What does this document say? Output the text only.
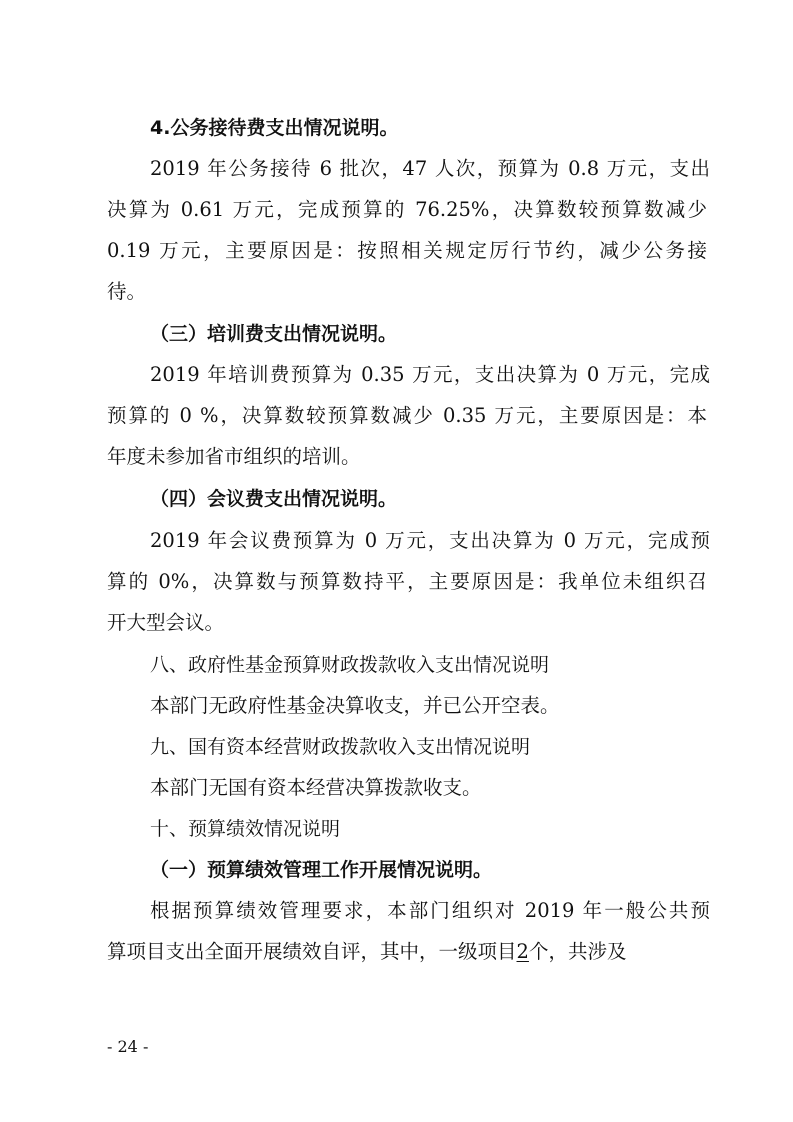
4.公务接待费支出情况说明。
2019 年公务接待 6 批次，47 人次，预算为 0.8 万元，支出
决算为 0.61 万元，完成预算的 76.25%，决算数较预算数减少
0.19 万元，主要原因是：按照相关规定厉行节约，减少公务接
待。
（三）培训费支出情况说明。
2019 年培训费预算为 0.35 万元，支出决算为 0 万元，完成
预算的 0 %，决算数较预算数减少 0.35 万元，主要原因是：本
年度未参加省市组织的培训。
（四）会议费支出情况说明。
2019 年会议费预算为 0 万元，支出决算为 0 万元，完成预
算的 0%，决算数与预算数持平，主要原因是：我单位未组织召
开大型会议。
八、政府性基金预算财政拨款收入支出情况说明
本部门无政府性基金决算收支，并已公开空表。
九、国有资本经营财政拨款收入支出情况说明
本部门无国有资本经营决算拨款收支。
十、预算绩效情况说明
（一）预算绩效管理工作开展情况说明。
根据预算绩效管理要求，本部门组织对 2019 年一般公共预
算项目支出全面开展绩效自评，其中，一级项目2个，共涉及
- 24 -
